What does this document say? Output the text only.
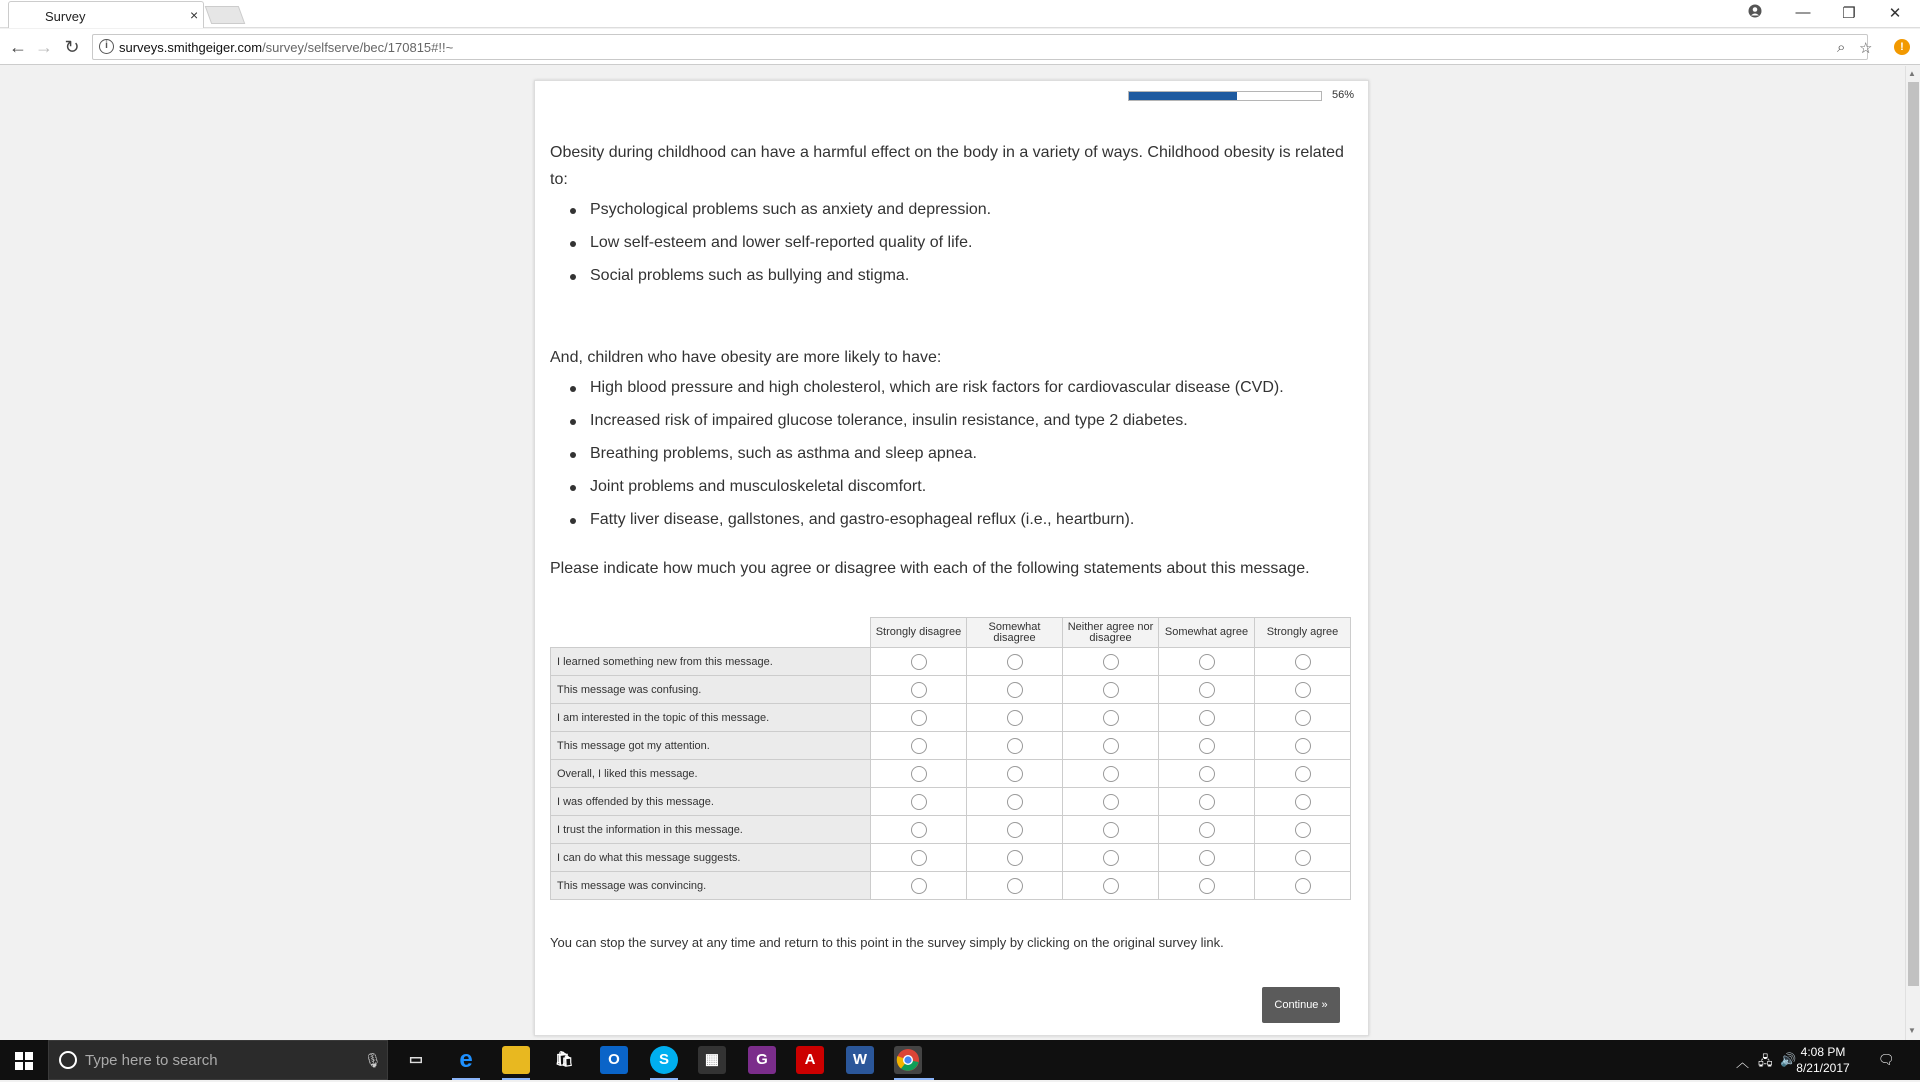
Survey	×	—	❐	✕
← → ↻	i surveys.smithgeiger.com/survey/selfserve/bec/170815#!!~	⌕ ☆	!
56%

Obesity during childhood can have a harmful effect on the body in a variety of ways. Childhood obesity is related to:

Psychological problems such as anxiety and depression.
Low self-esteem and lower self-reported quality of life.
Social problems such as bullying and stigma.

And, children who have obesity are more likely to have:

High blood pressure and high cholesterol, which are risk factors for cardiovascular disease (CVD).
Increased risk of impaired glucose tolerance, insulin resistance, and type 2 diabetes.
Breathing problems, such as asthma and sleep apnea.
Joint problems and musculoskeletal discomfort.
Fatty liver disease, gallstones, and gastro-esophageal reflux (i.e., heartburn).

Please indicate how much you agree or disagree with each of the following statements about this message.

	Strongly disagree	Somewhat disagree	Neither agree nor disagree	Somewhat agree	Strongly agree
I learned something new from this message.					
This message was confusing.					
I am interested in the topic of this message.					
This message got my attention.					
Overall, I liked this message.					
I was offended by this message.					
I trust the information in this message.					
I can do what this message suggests.					
This message was convincing.					

You can stop the survey at any time and return to this point in the survey simply by clicking on the original survey link.

Continue »
▲
▼
Type here to search	🎙	▭	e	🛍	O	S	▦	G	A	W	︿ 🖧 🔊 4:08 PM
8/21/2017
🗨
